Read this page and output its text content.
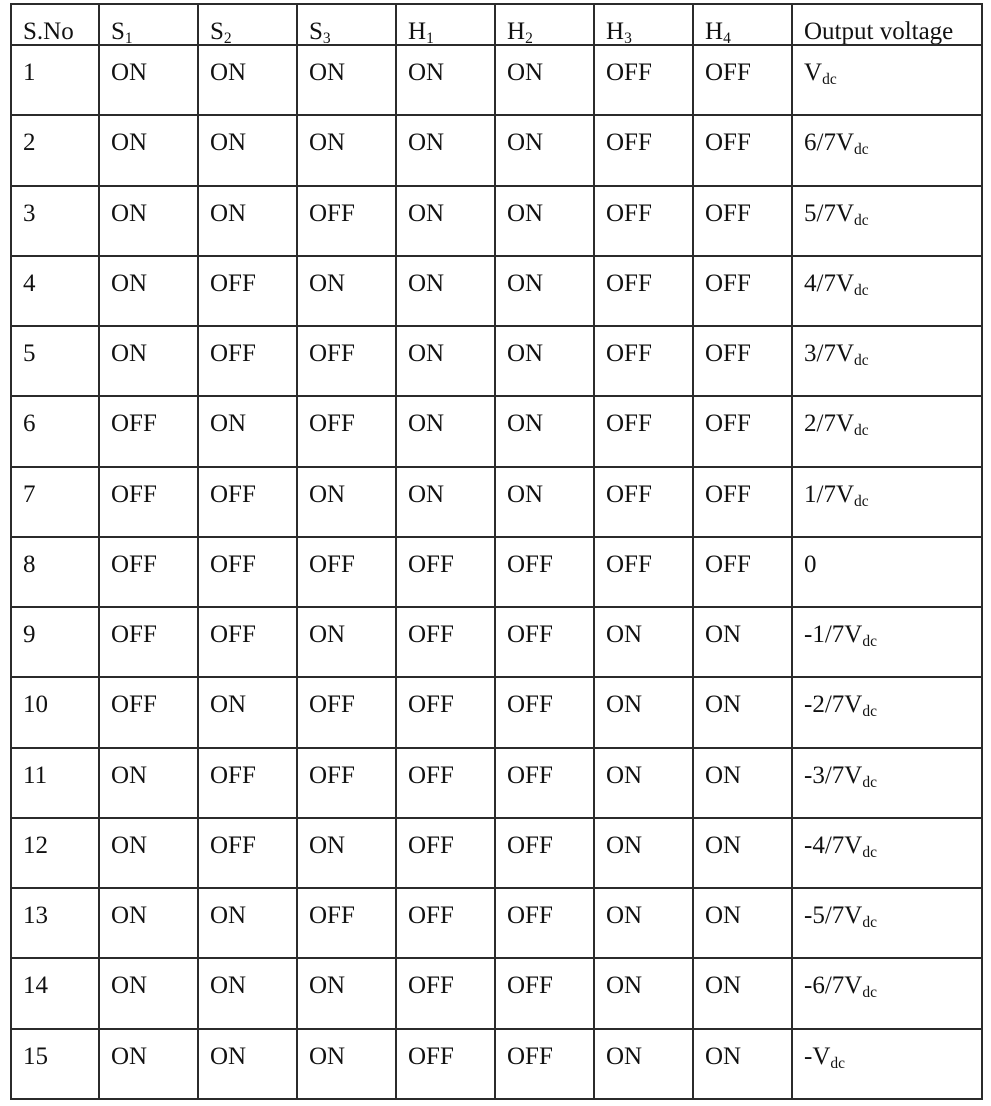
S.No	$S_1$	$S_2$	$S_3$	$H_1$	$H_2$	$H_3$	$H_4$	Output voltage
1	ON	ON	ON	ON	ON	OFF	OFF	$V_{dc}$
2	ON	ON	ON	ON	ON	OFF	OFF	$6/7V_{dc}$
3	ON	ON	OFF	ON	ON	OFF	OFF	$5/7V_{dc}$
4	ON	OFF	ON	ON	ON	OFF	OFF	$4/7V_{dc}$
5	ON	OFF	OFF	ON	ON	OFF	OFF	$3/7V_{dc}$
6	OFF	ON	OFF	ON	ON	OFF	OFF	$2/7V_{dc}$
7	OFF	OFF	ON	ON	ON	OFF	OFF	$1/7V_{dc}$
8	OFF	OFF	OFF	OFF	OFF	OFF	OFF	0
9	OFF	OFF	ON	OFF	OFF	ON	ON	$-1/7V_{dc}$
10	OFF	ON	OFF	OFF	OFF	ON	ON	$-2/7V_{dc}$
11	ON	OFF	OFF	OFF	OFF	ON	ON	$-3/7V_{dc}$
12	ON	OFF	ON	OFF	OFF	ON	ON	$-4/7V_{dc}$
13	ON	ON	OFF	OFF	OFF	ON	ON	$-5/7V_{dc}$
14	ON	ON	ON	OFF	OFF	ON	ON	$-6/7V_{dc}$
15	ON	ON	ON	OFF	OFF	ON	ON	$-V_{dc}$
